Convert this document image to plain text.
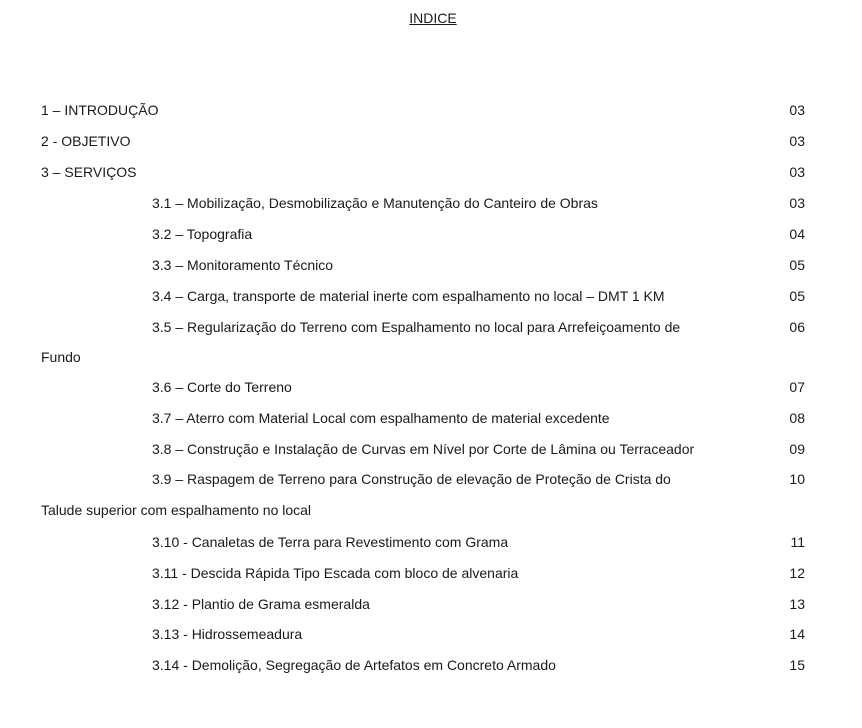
INDICE
1 – INTRODUÇÃO	03
2 - OBJETIVO	03
3 – SERVIÇOS	03
3.1 – Mobilização, Desmobilização e Manutenção do Canteiro de Obras	03
3.2 – Topografia	04
3.3 – Monitoramento Técnico	05
3.4 – Carga, transporte de material inerte com espalhamento no local – DMT 1 KM	05
3.5 – Regularização do Terreno com Espalhamento no local para Arrefeiçoamento de	06
Fundo
3.6 – Corte do Terreno	07
3.7 – Aterro com Material Local com espalhamento de material excedente	08
3.8 – Construção e Instalação de Curvas em Nível por Corte de Lâmina ou Terraceador	09
3.9 – Raspagem de Terreno para Construção de elevação de Proteção de Crista do	10
Talude superior com espalhamento no local
3.10 - Canaletas de Terra para Revestimento com Grama	11
3.11 - Descida Rápida Tipo Escada com bloco de alvenaria	12
3.12 - Plantio de Grama esmeralda	13
3.13 - Hidrossemeadura	14
3.14 - Demolição, Segregação de Artefatos em Concreto Armado	15
